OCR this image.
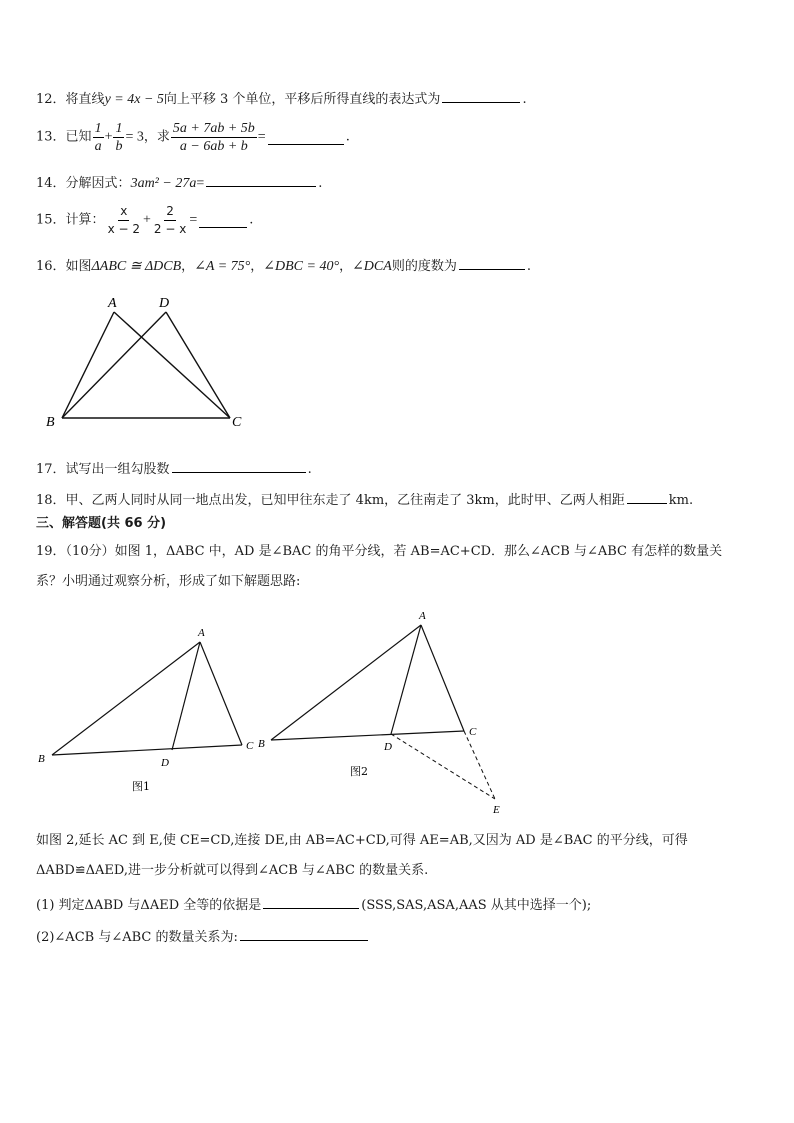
12．将直线y = 4x − 5向上平移 3 个单位，平移后所得直线的表达式为	.
13．已知 $\frac{1}{a} + \frac{1}{b} = 3$，求 $\frac{5a + 7ab + 5b}{a - 6ab + b}$ =	.
14．分解因式：3am² − 27a=	.
15．计算： $\frac{x}{x - 2} + \frac{2}{2 - x}$ =	.
16．如图ΔABC ≅ ΔDCB，∠A = 75°，∠DBC = 40°，∠DCA则的度数为	.
A	D
B	C
17．试写出一组勾股数	.
18．甲、乙两人同时从同一地点出发，已知甲往东走了 4km，乙往南走了 3km，此时甲、乙两人相距	km.
三、解答题(共 66 分)
19．（10分）如图 1，ΔABC 中，AD 是∠BAC 的角平分线，若 AB=AC+CD．那么∠ACB 与∠ABC 有怎样的数量关
系？小明通过观察分析，形成了如下解题思路:
A
B
C
D
图1
A
B
C
D
E
图2
如图 2,延长 AC 到 E,使 CE=CD,连接 DE,由 AB=AC+CD,可得 AE=AB,又因为 AD 是∠BAC 的平分线，可得
ΔABD≌ΔAED,进一步分析就可以得到∠ACB 与∠ABC 的数量关系.
(1) 判定ΔABD 与ΔAED 全等的依据是	(SSS,SAS,ASA,AAS 从其中选择一个);
(2)∠ACB 与∠ABC 的数量关系为:
